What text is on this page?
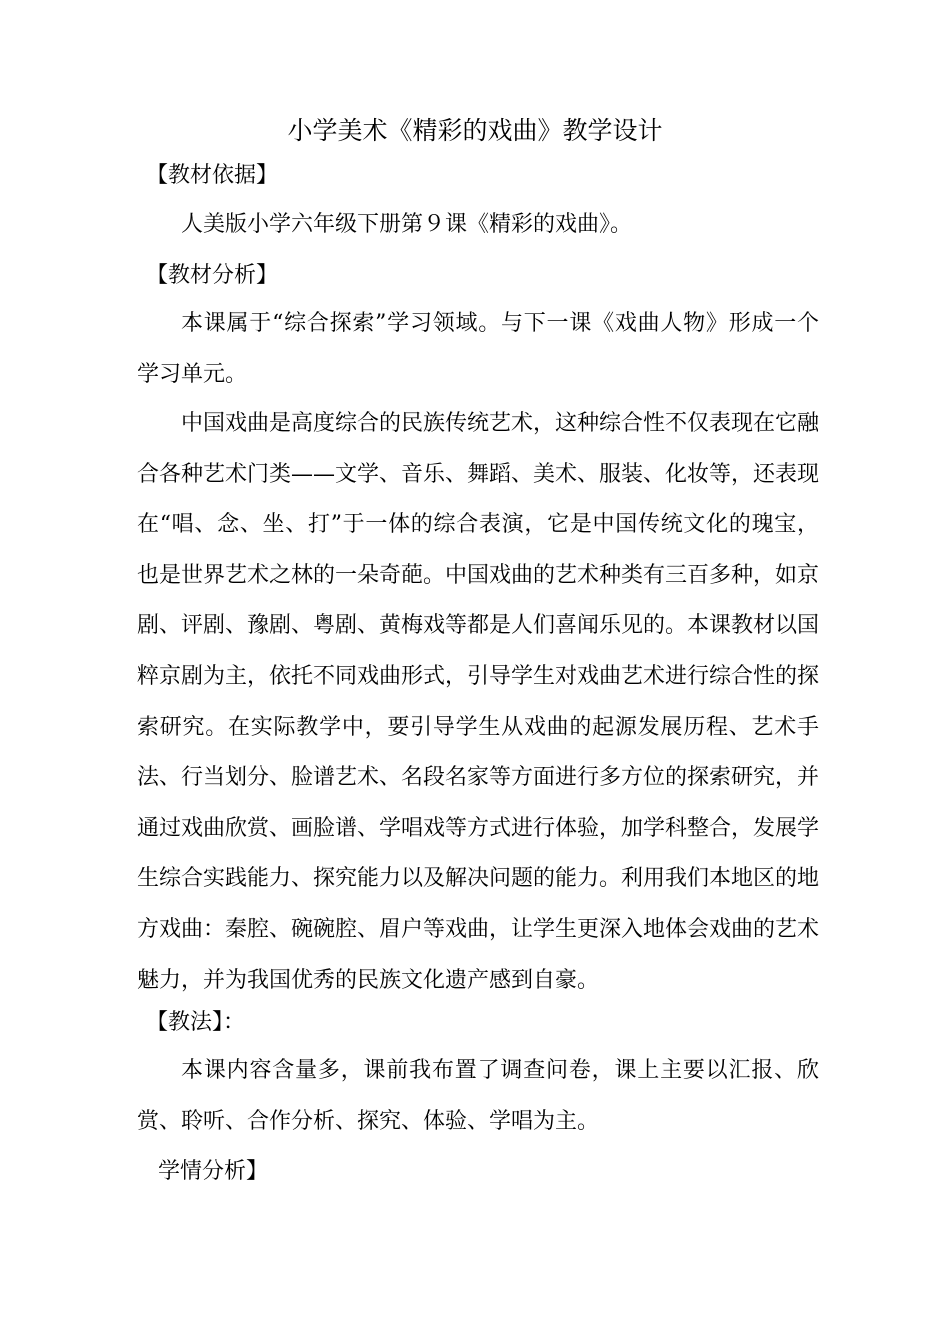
小学美术《精彩的戏曲》教学设计

【教材依据】

人美版小学六年级下册第９课《精彩的戏曲》。

【教材分析】

本课属于“综合探索”学习领域。与下一课《戏曲人物》形成一个学习单元。

中国戏曲是高度综合的民族传统艺术，这种综合性不仅表现在它融合各种艺术门类——文学、音乐、舞蹈、美术、服装、化妆等，还表现在“唱、念、坐、打”于一体的综合表演，它是中国传统文化的瑰宝，也是世界艺术之林的一朵奇葩。中国戏曲的艺术种类有三百多种，如京剧、评剧、豫剧、粤剧、黄梅戏等都是人们喜闻乐见的。本课教材以国粹京剧为主，依托不同戏曲形式，引导学生对戏曲艺术进行综合性的探索研究。在实际教学中，要引导学生从戏曲的起源发展历程、艺术手法、行当划分、脸谱艺术、名段名家等方面进行多方位的探索研究，并通过戏曲欣赏、画脸谱、学唱戏等方式进行体验，加学科整合，发展学生综合实践能力、探究能力以及解决问题的能力。利用我们本地区的地方戏曲：秦腔、碗碗腔、眉户等戏曲，让学生更深入地体会戏曲的艺术魅力，并为我国优秀的民族文化遗产感到自豪。

【教法】：

本课内容含量多，课前我布置了调查问卷，课上主要以汇报、欣赏、聆听、合作分析、探究、体验、学唱为主。

学情分析】
